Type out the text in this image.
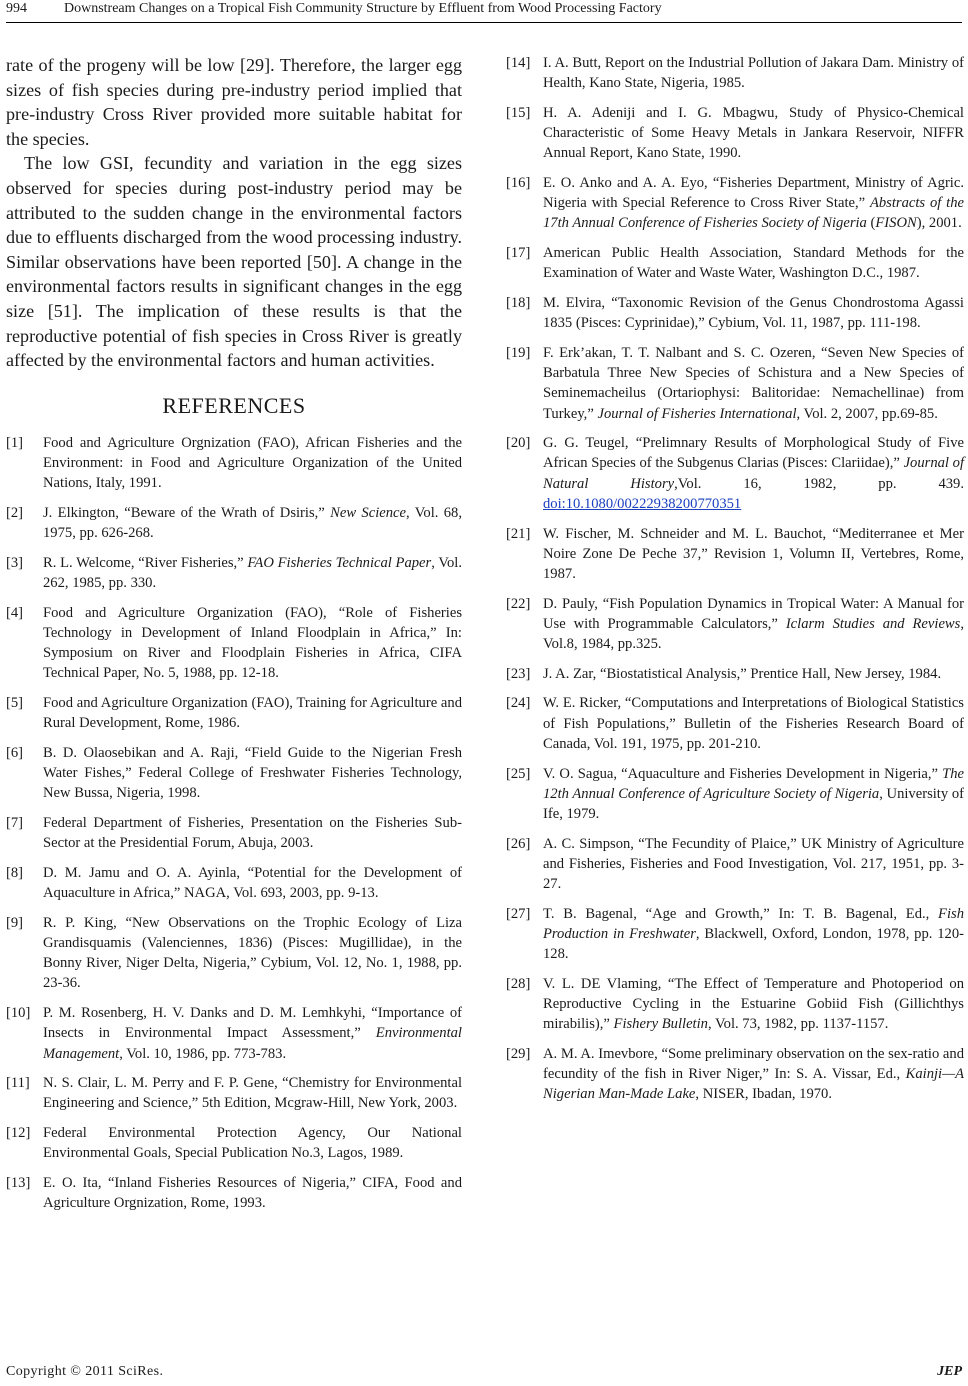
994	Downstream Changes on a Tropical Fish Community Structure by Effluent from Wood Processing Factory

rate of the progeny will be low [29]. Therefore, the larger egg sizes of fish species during pre-industry period implied that pre-industry Cross River provided more suitable habitat for the species.

The low GSI, fecundity and variation in the egg sizes observed for species during post-industry period may be attributed to the sudden change in the environmental factors due to effluents discharged from the wood processing industry. Similar observations have been reported [50]. A change in the environmental factors results in significant changes in the egg size [51]. The implication of these results is that the reproductive potential of fish species in Cross River is greatly affected by the environmental factors and human activities.

REFERENCES
[1] Food and Agriculture Orgnization (FAO), African Fisheries and the Environment: in Food and Agriculture Organization of the United Nations, Italy, 1991.
[2] J. Elkington, “Beware of the Wrath of Dsiris,” New Science, Vol. 68, 1975, pp. 626-268.
[3] R. L. Welcome, “River Fisheries,” FAO Fisheries Technical Paper, Vol. 262, 1985, pp. 330.
[4] Food and Agriculture Organization (FAO), “Role of Fisheries Technology in Development of Inland Floodplain in Africa,” In: Symposium on River and Floodplain Fisheries in Africa, CIFA Technical Paper, No. 5, 1988, pp. 12-18.
[5] Food and Agriculture Organization (FAO), Training for Agriculture and Rural Development, Rome, 1986.
[6] B. D. Olaosebikan and A. Raji, “Field Guide to the Nigerian Fresh Water Fishes,” Federal College of Freshwater Fisheries Technology, New Bussa, Nigeria, 1998.
[7] Federal Department of Fisheries, Presentation on the Fisheries Sub-Sector at the Presidential Forum, Abuja, 2003.
[8] D. M. Jamu and O. A. Ayinla, “Potential for the Development of Aquaculture in Africa,” NAGA, Vol. 693, 2003, pp. 9-13.
[9] R. P. King, “New Observations on the Trophic Ecology of Liza Grandisquamis (Valenciennes, 1836) (Pisces: Mugillidae), in the Bonny River, Niger Delta, Nigeria,” Cybium, Vol. 12, No. 1, 1988, pp. 23-36.
[10] P. M. Rosenberg, H. V. Danks and D. M. Lemhkyhi, “Importance of Insects in Environmental Impact Assessment,” Environmental Management, Vol. 10, 1986, pp. 773-783.
[11] N. S. Clair, L. M. Perry and F. P. Gene, “Chemistry for Environmental Engineering and Science,” 5th Edition, Mcgraw-Hill, New York, 2003.
[12] Federal Environmental Protection Agency, Our National Environmental Goals, Special Publication No.3, Lagos, 1989.
[13] E. O. Ita, “Inland Fisheries Resources of Nigeria,” CIFA, Food and Agriculture Orgnization, Rome, 1993.
[14] I. A. Butt, Report on the Industrial Pollution of Jakara Dam. Ministry of Health, Kano State, Nigeria, 1985.
[15] H. A. Adeniji and I. G. Mbagwu, Study of Physico-Chemical Characteristic of Some Heavy Metals in Jankara Reservoir, NIFFR Annual Report, Kano State, 1990.
[16] E. O. Anko and A. A. Eyo, “Fisheries Department, Ministry of Agric. Nigeria with Special Reference to Cross River State,” Abstracts of the 17th Annual Conference of Fisheries Society of Nigeria (FISON), 2001.
[17] American Public Health Association, Standard Methods for the Examination of Water and Waste Water, Washington D.C., 1987.
[18] M. Elvira, “Taxonomic Revision of the Genus Chondrostoma Agassi 1835 (Pisces: Cyprinidae),” Cybium, Vol. 11, 1987, pp. 111-198.
[19] F. Erk’akan, T. T. Nalbant and S. C. Ozeren, “Seven New Species of Barbatula Three New Species of Schistura and a New Species of Seminemacheilus (Ortariophysi: Balitoridae: Nemachellinae) from Turkey,” Journal of Fisheries International, Vol. 2, 2007, pp.69-85.
[20] G. G. Teugel, “Prelimnary Results of Morphological Study of Five African Species of the Subgenus Clarias (Pisces: Clariidae),” Journal of Natural History,Vol. 16, 1982, pp. 439. doi:10.1080/00222938200770351
[21] W. Fischer, M. Schneider and M. L. Bauchot, “Mediterranee et Mer Noire Zone De Peche 37,” Revision 1, Volumn II, Vertebres, Rome, 1987.
[22] D. Pauly, “Fish Population Dynamics in Tropical Water: A Manual for Use with Programmable Calculators,” Iclarm Studies and Reviews, Vol.8, 1984, pp.325.
[23] J. A. Zar, “Biostatistical Analysis,” Prentice Hall, New Jersey, 1984.
[24] W. E. Ricker, “Computations and Interpretations of Biological Statistics of Fish Populations,” Bulletin of the Fisheries Research Board of Canada, Vol. 191, 1975, pp. 201-210.
[25] V. O. Sagua, “Aquaculture and Fisheries Development in Nigeria,” The 12th Annual Conference of Agriculture Society of Nigeria, University of Ife, 1979.
[26] A. C. Simpson, “The Fecundity of Plaice,” UK Ministry of Agriculture and Fisheries, Fisheries and Food Investigation, Vol. 217, 1951, pp. 3-27.
[27] T. B. Bagenal, “Age and Growth,” In: T. B. Bagenal, Ed., Fish Production in Freshwater, Blackwell, Oxford, London, 1978, pp. 120-128.
[28] V. L. DE Vlaming, “The Effect of Temperature and Photoperiod on Reproductive Cycling in the Estuarine Gobiid Fish (Gillichthys mirabilis),” Fishery Bulletin, Vol. 73, 1982, pp. 1137-1157.
[29] A. M. A. Imevbore, “Some preliminary observation on the sex-ratio and fecundity of the fish in River Niger,” In: S. A. Vissar, Ed., Kainji—A Nigerian Man-Made Lake, NISER, Ibadan, 1970.
Copyright © 2011 SciRes.	JEP
